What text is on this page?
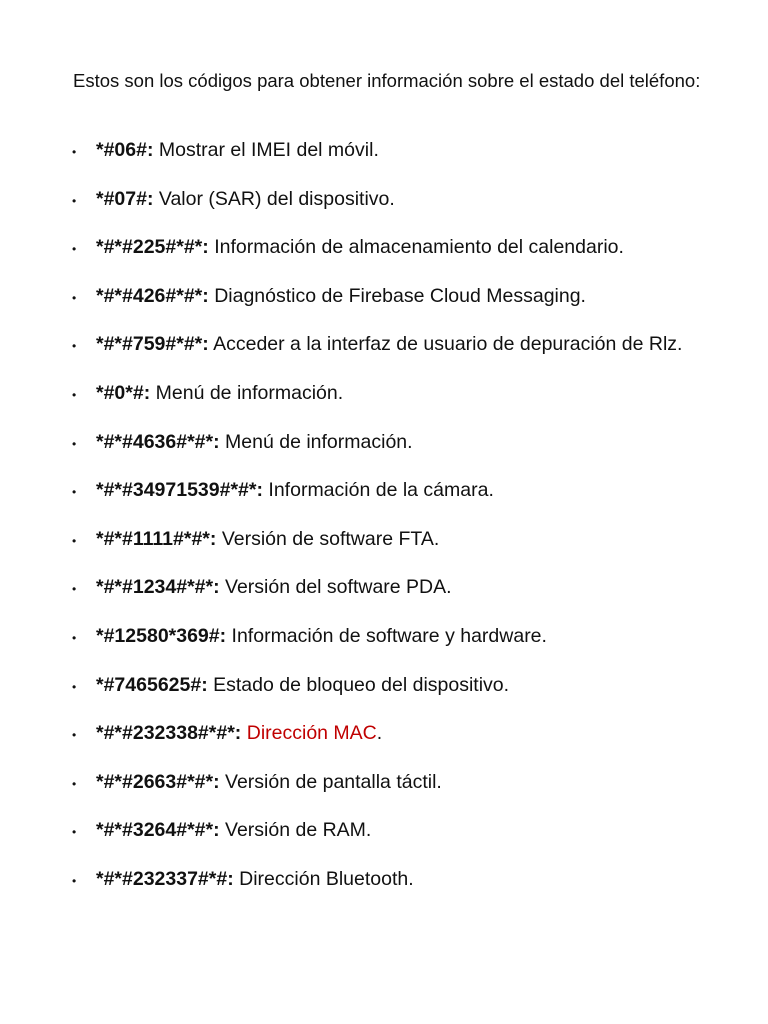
Estos son los códigos para obtener información sobre el estado del teléfono:

• *#06#: Mostrar el IMEI del móvil.
• *#07#: Valor (SAR) del dispositivo.
• *#*#225#*#*: Información de almacenamiento del calendario.
• *#*#426#*#*: Diagnóstico de Firebase Cloud Messaging.
• *#*#759#*#*: Acceder a la interfaz de usuario de depuración de Rlz.
• *#0*#: Menú de información.
• *#*#4636#*#*: Menú de información.
• *#*#34971539#*#*: Información de la cámara.
• *#*#1111#*#*: Versión de software FTA.
• *#*#1234#*#*: Versión del software PDA.
• *#12580*369#: Información de software y hardware.
• *#7465625#: Estado de bloqueo del dispositivo.
• *#*#232338#*#*: Dirección MAC.
• *#*#2663#*#*: Versión de pantalla táctil.
• *#*#3264#*#*: Versión de RAM.
• *#*#232337#*#: Dirección Bluetooth.
